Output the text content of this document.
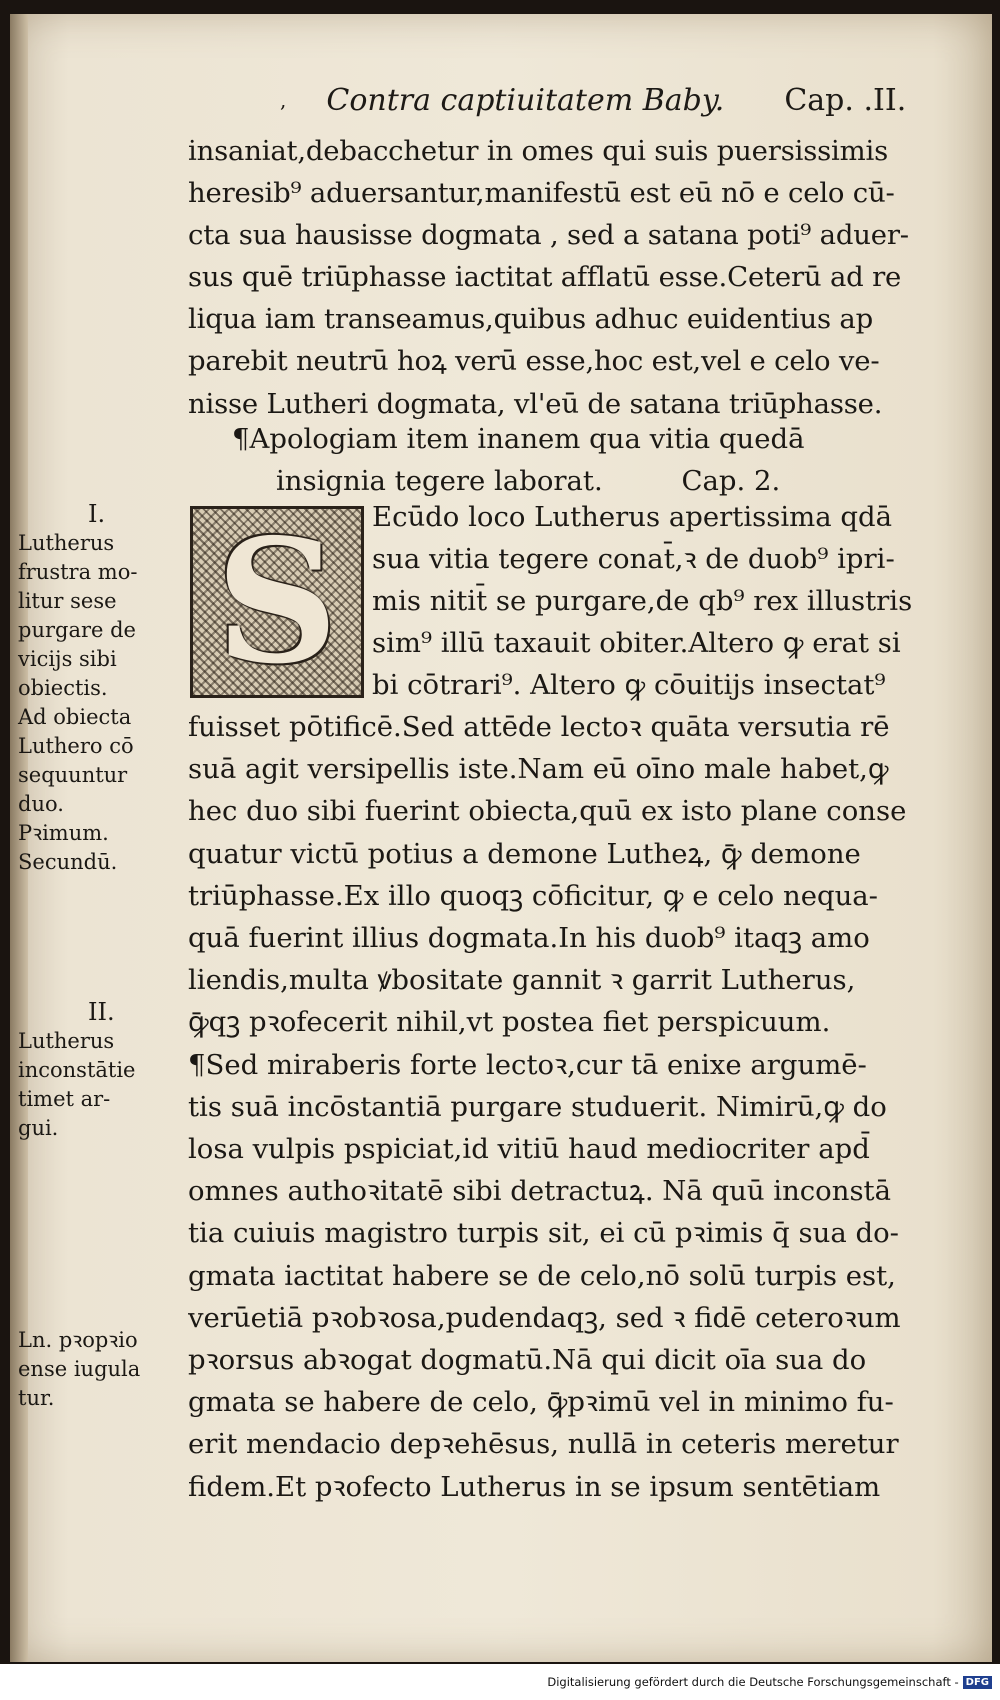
, Contra captiuitatem Baby. Cap. .II.
insaniat,debacchetur in omes qui suis puersissimis
heresib⁹ aduersantur,manifestū est eū nō e celo cū-
cta sua hausisse dogmata , sed a satana poti⁹ aduer-
sus quē triūphasse iactitat afflatū esse.Ceterū ad re
liqua iam transeamus,quibus adhuc euidentius ap
parebit neutrū hoꝝ verū esse,hoc est,vel e celo ve-
nisse Lutheri dogmata, vl'eū de satana triūphasse.
¶Apologiam item inanem qua vitia quedā
insignia tegere laborat.	Cap. 2.
S Ecūdo loco Lutherus apertissima qdā
sua vitia tegere conat̄,ꝛ de duob⁹ ipri-
mis nitit̄ se purgare,de qb⁹ rex illustris
sim⁹ illū taxauit obiter.Altero ꝙ erat si
bi cōtrari⁹. Altero ꝙ cōuitijs insectat⁹
fuisset pōtificē.Sed attēde lectoꝛ quāta versutia rē
suā agit versipellis iste.Nam eū oīno male habet,ꝙ
hec duo sibi fuerint obiecta,quū ex isto plane conse
quatur victū potius a demone Lutheꝝ, ꝙ̄ demone
triūphasse.Ex illo quoqꝫ cōficitur, ꝙ e celo nequa-
quā fuerint illius dogmata.In his duob⁹ itaqꝫ amo
liendis,multa ꝟbositate gannit ꝛ garrit Lutherus,
ꝙ̄qꝫ pꝛofecerit nihil,vt postea fiet perspicuum.
¶Sed miraberis forte lectoꝛ,cur tā enixe argumē-
tis suā incōstantiā purgare studuerit. Nimirū,ꝙ do
losa vulpis pspiciat,id vitiū haud mediocriter apd̄
omnes authoꝛitatē sibi detractuꝝ. Nā quū inconstā
tia cuiuis magistro turpis sit, ei cū pꝛimis q̄ sua do-
gmata iactitat habere se de celo,nō solū turpis est,
verūetiā pꝛobꝛosa,pudendaqꝫ, sed ꝛ fidē ceteroꝛum
pꝛorsus abꝛogat dogmatū.Nā qui dicit oīa sua do
gmata se habere de celo, ꝙ̄pꝛimū vel in minimo fu-
erit mendacio depꝛehēsus, nullā in ceteris meretur
fidem.Et pꝛofecto Lutherus in se ipsum sentētiam
I.
Lutherus
frustra mo-
litur sese
purgare de
vicijs sibi
obiectis.
Ad obiecta
Luthero cō
sequuntur
duo.
Pꝛimum.
Secundū.
II.
Lutherus
inconstātie
timet ar-
gui.
Ln. pꝛopꝛio
ense iugula
tur.
Digitalisierung gefördert durch die Deutsche Forschungsgemeinschaft - DFG
